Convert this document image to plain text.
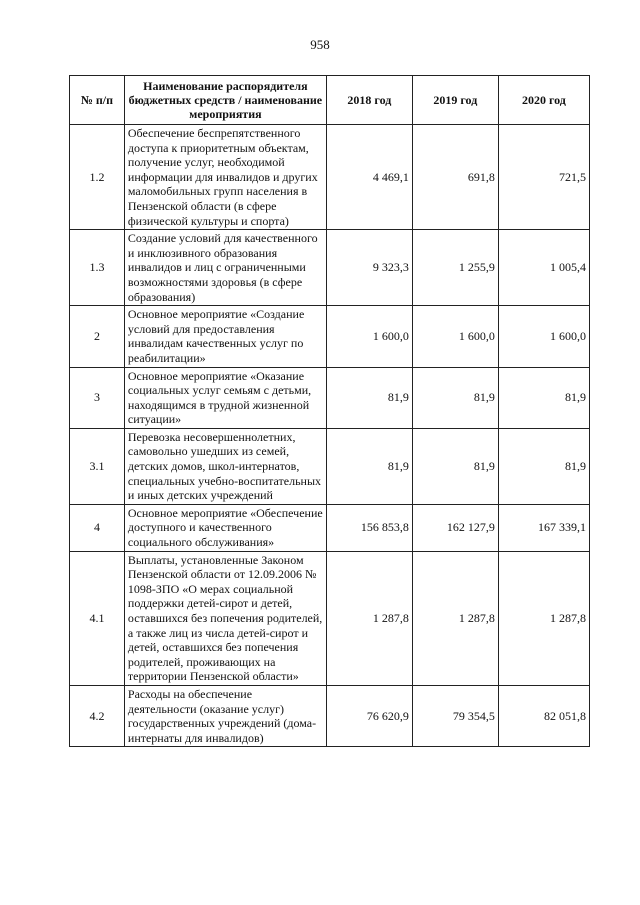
958
№ п/п	Наименование распорядителя бюджетных средств / наименование мероприятия	2018 год	2019 год	2020 год
1.2	Обеспечение беспрепятственного доступа к приоритетным объектам, получение услуг, необходимой информации для инвалидов и других маломобильных групп населения в Пензенской области (в сфере физической культуры и спорта)	4 469,1	691,8	721,5
1.3	Создание условий для качественного и инклюзивного образования инвалидов и лиц с ограниченными возможностями здоровья (в сфере образования)	9 323,3	1 255,9	1 005,4
2	Основное мероприятие «Создание условий для предоставления инвалидам качественных услуг по реабилитации»	1 600,0	1 600,0	1 600,0
3	Основное мероприятие «Оказание социальных услуг семьям с детьми, находящимся в трудной жизненной ситуации»	81,9	81,9	81,9
3.1	Перевозка несовершеннолетних, самовольно ушедших из семей, детских домов, школ-интернатов, специальных учебно-воспитательных и иных детских учреждений	81,9	81,9	81,9
4	Основное мероприятие «Обеспечение доступного и качественного социального обслуживания»	156 853,8	162 127,9	167 339,1
4.1	Выплаты, установленные Законом Пензенской области от 12.09.2006 № 1098-ЗПО «О мерах социальной поддержки детей-сирот и детей, оставшихся без попечения родителей, а также лиц из числа детей-сирот и детей, оставшихся без попечения родителей, проживающих на территории Пензенской области»	1 287,8	1 287,8	1 287,8
4.2	Расходы на обеспечение деятельности (оказание услуг) государственных учреждений (дома-интернаты для инвалидов)	76 620,9	79 354,5	82 051,8
